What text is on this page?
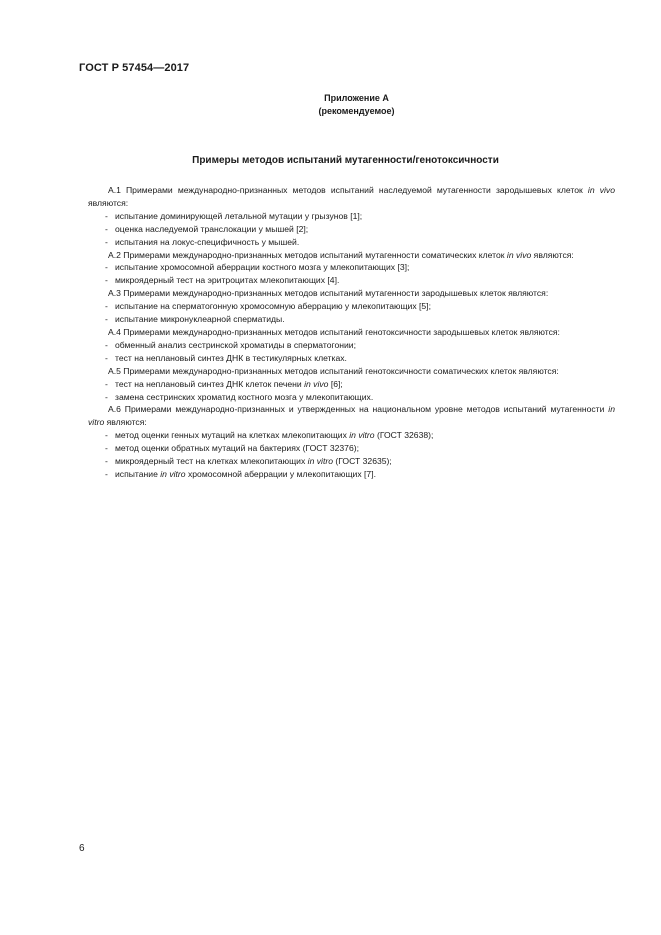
ГОСТ Р 57454—2017
Приложение А
(рекомендуемое)
Примеры методов испытаний мутагенности/генотоксичности

А.1 Примерами международно-признанных методов испытаний наследуемой мутагенности зародышевых клеток in vivo являются:

- испытание доминирующей летальной мутации у грызунов [1];

- оценка наследуемой транслокации у мышей [2];

- испытания на локус-специфичность у мышей.

А.2 Примерами международно-признанных методов испытаний мутагенности соматических клеток in vivo являются:

- испытание хромосомной аберрации костного мозга у млекопитающих [3];

- микроядерный тест на эритроцитах млекопитающих [4].

А.3 Примерами международно-признанных методов испытаний мутагенности зародышевых клеток являются:

- испытание на сперматогонную хромосомную аберрацию у млекопитающих [5];

- испытание микронуклеарной сперматиды.

А.4 Примерами международно-признанных методов испытаний генотоксичности зародышевых клеток являются:

- обменный анализ сестринской хроматиды в сперматогонии;

- тест на неплановый синтез ДНК в тестикулярных клетках.

А.5 Примерами международно-признанных методов испытаний генотоксичности соматических клеток являются:

- тест на неплановый синтез ДНК клеток печени in vivo [6];

- замена сестринских хроматид костного мозга у млекопитающих.

А.6 Примерами международно-признанных и утвержденных на национальном уровне методов испытаний мутагенности in vitro являются:

- метод оценки генных мутаций на клетках млекопитающих in vitro (ГОСТ 32638);

- метод оценки обратных мутаций на бактериях (ГОСТ 32376);

- микроядерный тест на клетках млекопитающих in vitro (ГОСТ 32635);

- испытание in vitro хромосомной аберрации у млекопитающих [7].

6
